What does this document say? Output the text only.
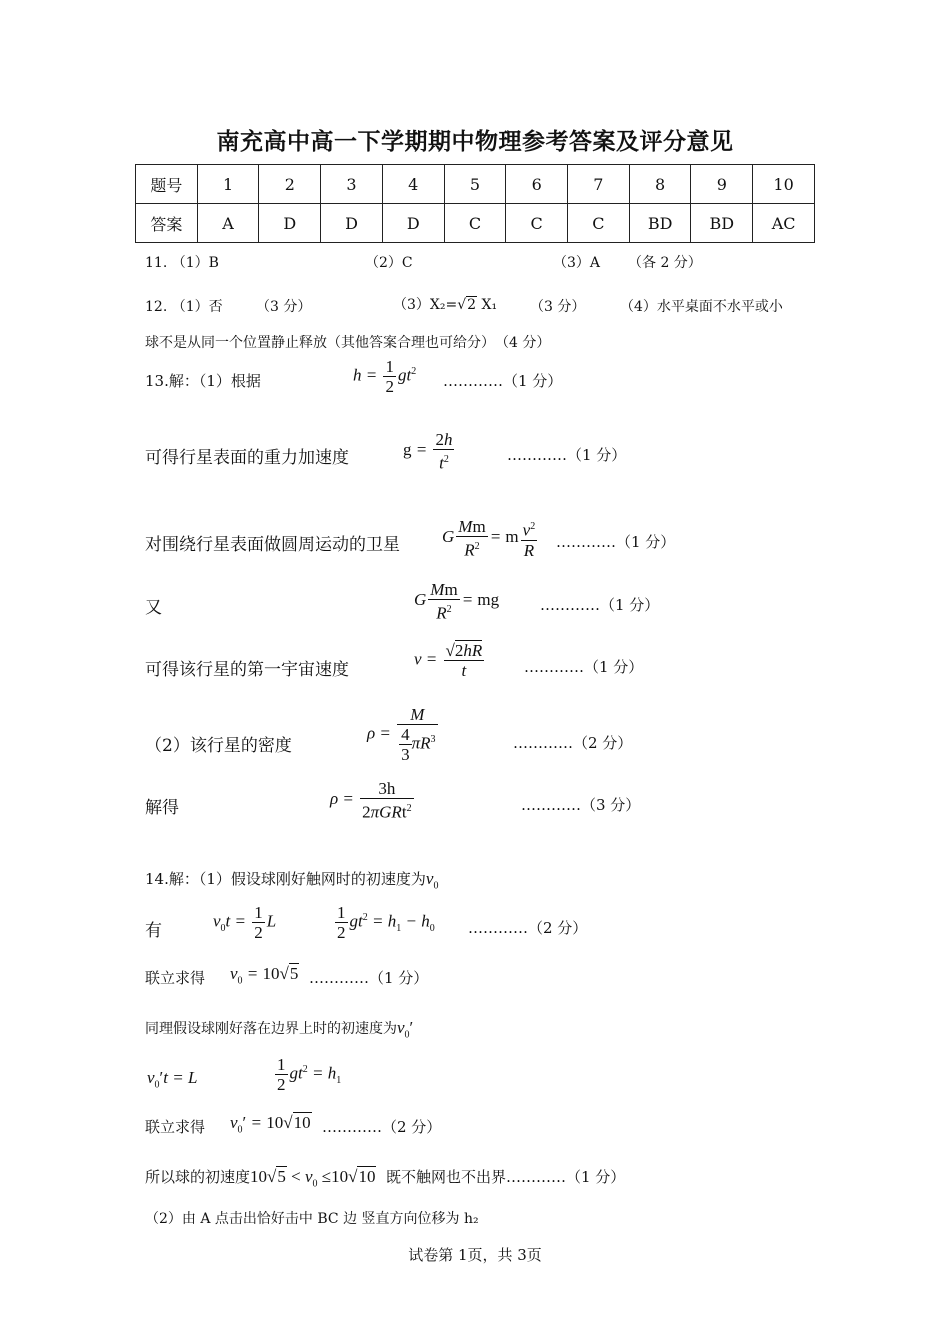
南充高中高一下学期期中物理参考答案及评分意见
题号	1	2	3	4	5	6	7	8	9	10
答案	A	D	D	D	C	C	C	BD	BD	AC
11. （1）B	（2）C	（3）A （各 2 分）
12. （1）否 （3 分）	（3）X₂=√2 X₁ （3 分） （4）水平桌面不水平或小
球不是从同一个位置静止释放（其他答案合理也可给分）　（4 分）
13.解：（1）根据	$h = \frac{1}{2} gt^2$
…………（1 分）
可得行星表面的重力加速度	$g = \frac{2h}{t^2}$	…………（1 分）
对围绕行星表面做圆周运动的卫星 G $\frac{Mm}{R^2} = m \frac{v^2}{R}$ …………（1 分）
又	G $\frac{Mm}{R^2}$ = mg	…………（1 分）
可得该行星的第一宇宙速度
$v = \frac{√2hR}{t}$	…………（1 分）
（2）该行星的密度
$\rho = \frac{M}{\frac{4}{3} \pi R^3}$	…………（2 分）
解得	$\rho = \frac{3h}{2\pi GRt^2}$	…………（3 分）
14.解：（1）假设球刚好触网时的初速度为$v_0$
有
$v_0t = \frac{1}{2}$ L	$\frac{1}{2} gt^2 = h_1 - h_0$ …………（2 分）
联立求得 $v_0 = 10√5$ …………（1 分）
同理假设球刚好落在边界上时的初速度为$v_0'$
$v_0't = L$	$\frac{1}{2} gt^2 = h_1$
联立求得 $v_0' = 10√10$ …………（2 分）
所以球的初速度$10√5 < v_0 \le 10√10$ 既不触网也不出界…………（1 分）
（2）由 A 点击出恰好击中 BC 边 竖直方向位移为 h₂
试卷第 1页，共 3页
